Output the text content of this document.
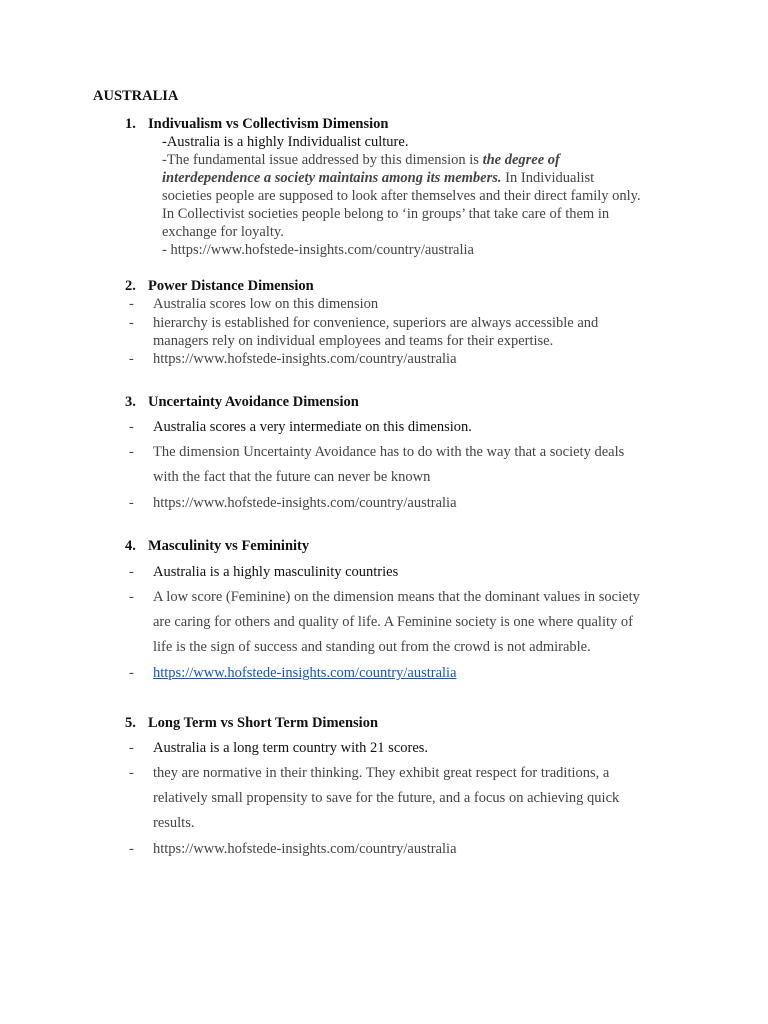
AUSTRALIA
1. Indivualism vs Collectivism Dimension
-Australia is a highly Individualist culture.
-The fundamental issue addressed by this dimension is the degree of
interdependence a society maintains among its members. In Individualist
societies people are supposed to look after themselves and their direct family only.
In Collectivist societies people belong to ‘in groups’ that take care of them in
exchange for loyalty.
- https://www.hofstede-insights.com/country/australia
2. Power Distance Dimension
- Australia scores low on this dimension
- hierarchy is established for convenience, superiors are always accessible and
managers rely on individual employees and teams for their expertise.
- https://www.hofstede-insights.com/country/australia
3. Uncertainty Avoidance Dimension
- Australia scores a very intermediate on this dimension.
- The dimension Uncertainty Avoidance has to do with the way that a society deals
with the fact that the future can never be known
- https://www.hofstede-insights.com/country/australia
4. Masculinity vs Femininity
- Australia is a highly masculinity countries
- A low score (Feminine) on the dimension means that the dominant values in society
are caring for others and quality of life. A Feminine society is one where quality of
life is the sign of success and standing out from the crowd is not admirable.
- https://www.hofstede-insights.com/country/australia
5. Long Term vs Short Term Dimension
- Australia is a long term country with 21 scores.
- they are normative in their thinking. They exhibit great respect for traditions, a
relatively small propensity to save for the future, and a focus on achieving quick
results.
- https://www.hofstede-insights.com/country/australia
